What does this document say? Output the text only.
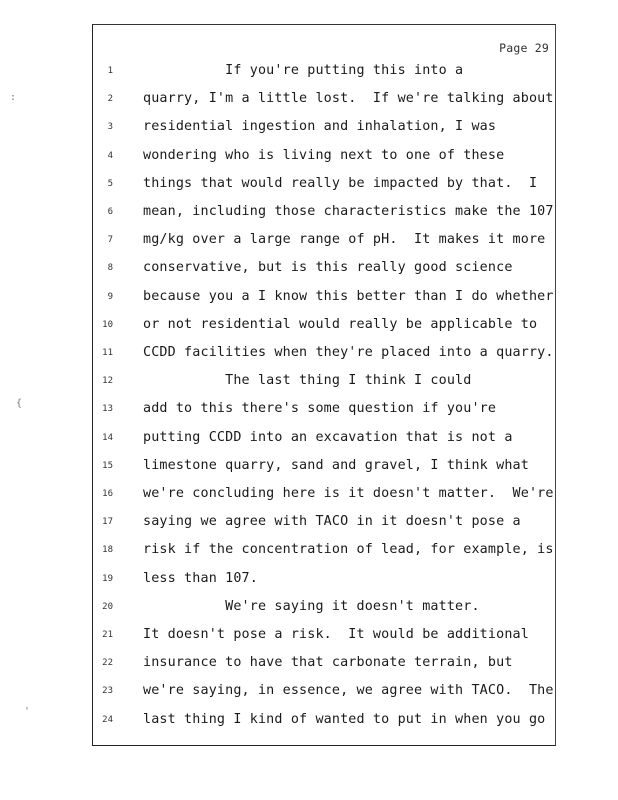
Page 29
1 If you're putting this into a
2 quarry, I'm a little lost.  If we're talking about
3 residential ingestion and inhalation, I was
4 wondering who is living next to one of these
5 things that would really be impacted by that.  I
6 mean, including those characteristics make the 107
7 mg/kg over a large range of pH.  It makes it more
8 conservative, but is this really good science
9 because you a I know this better than I do whether
10 or not residential would really be applicable to
11 CCDD facilities when they're placed into a quarry.
12 The last thing I think I could
13 add to this there's some question if you're
14 putting CCDD into an excavation that is not a
15 limestone quarry, sand and gravel, I think what
16 we're concluding here is it doesn't matter.  We're
17 saying we agree with TACO in it doesn't pose a
18 risk if the concentration of lead, for example, is
19 less than 107.
20 We're saying it doesn't matter.
21 It doesn't pose a risk.  It would be additional
22 insurance to have that carbonate terrain, but
23 we're saying, in essence, we agree with TACO.  The
24 last thing I kind of wanted to put in when you go
:
{
'
